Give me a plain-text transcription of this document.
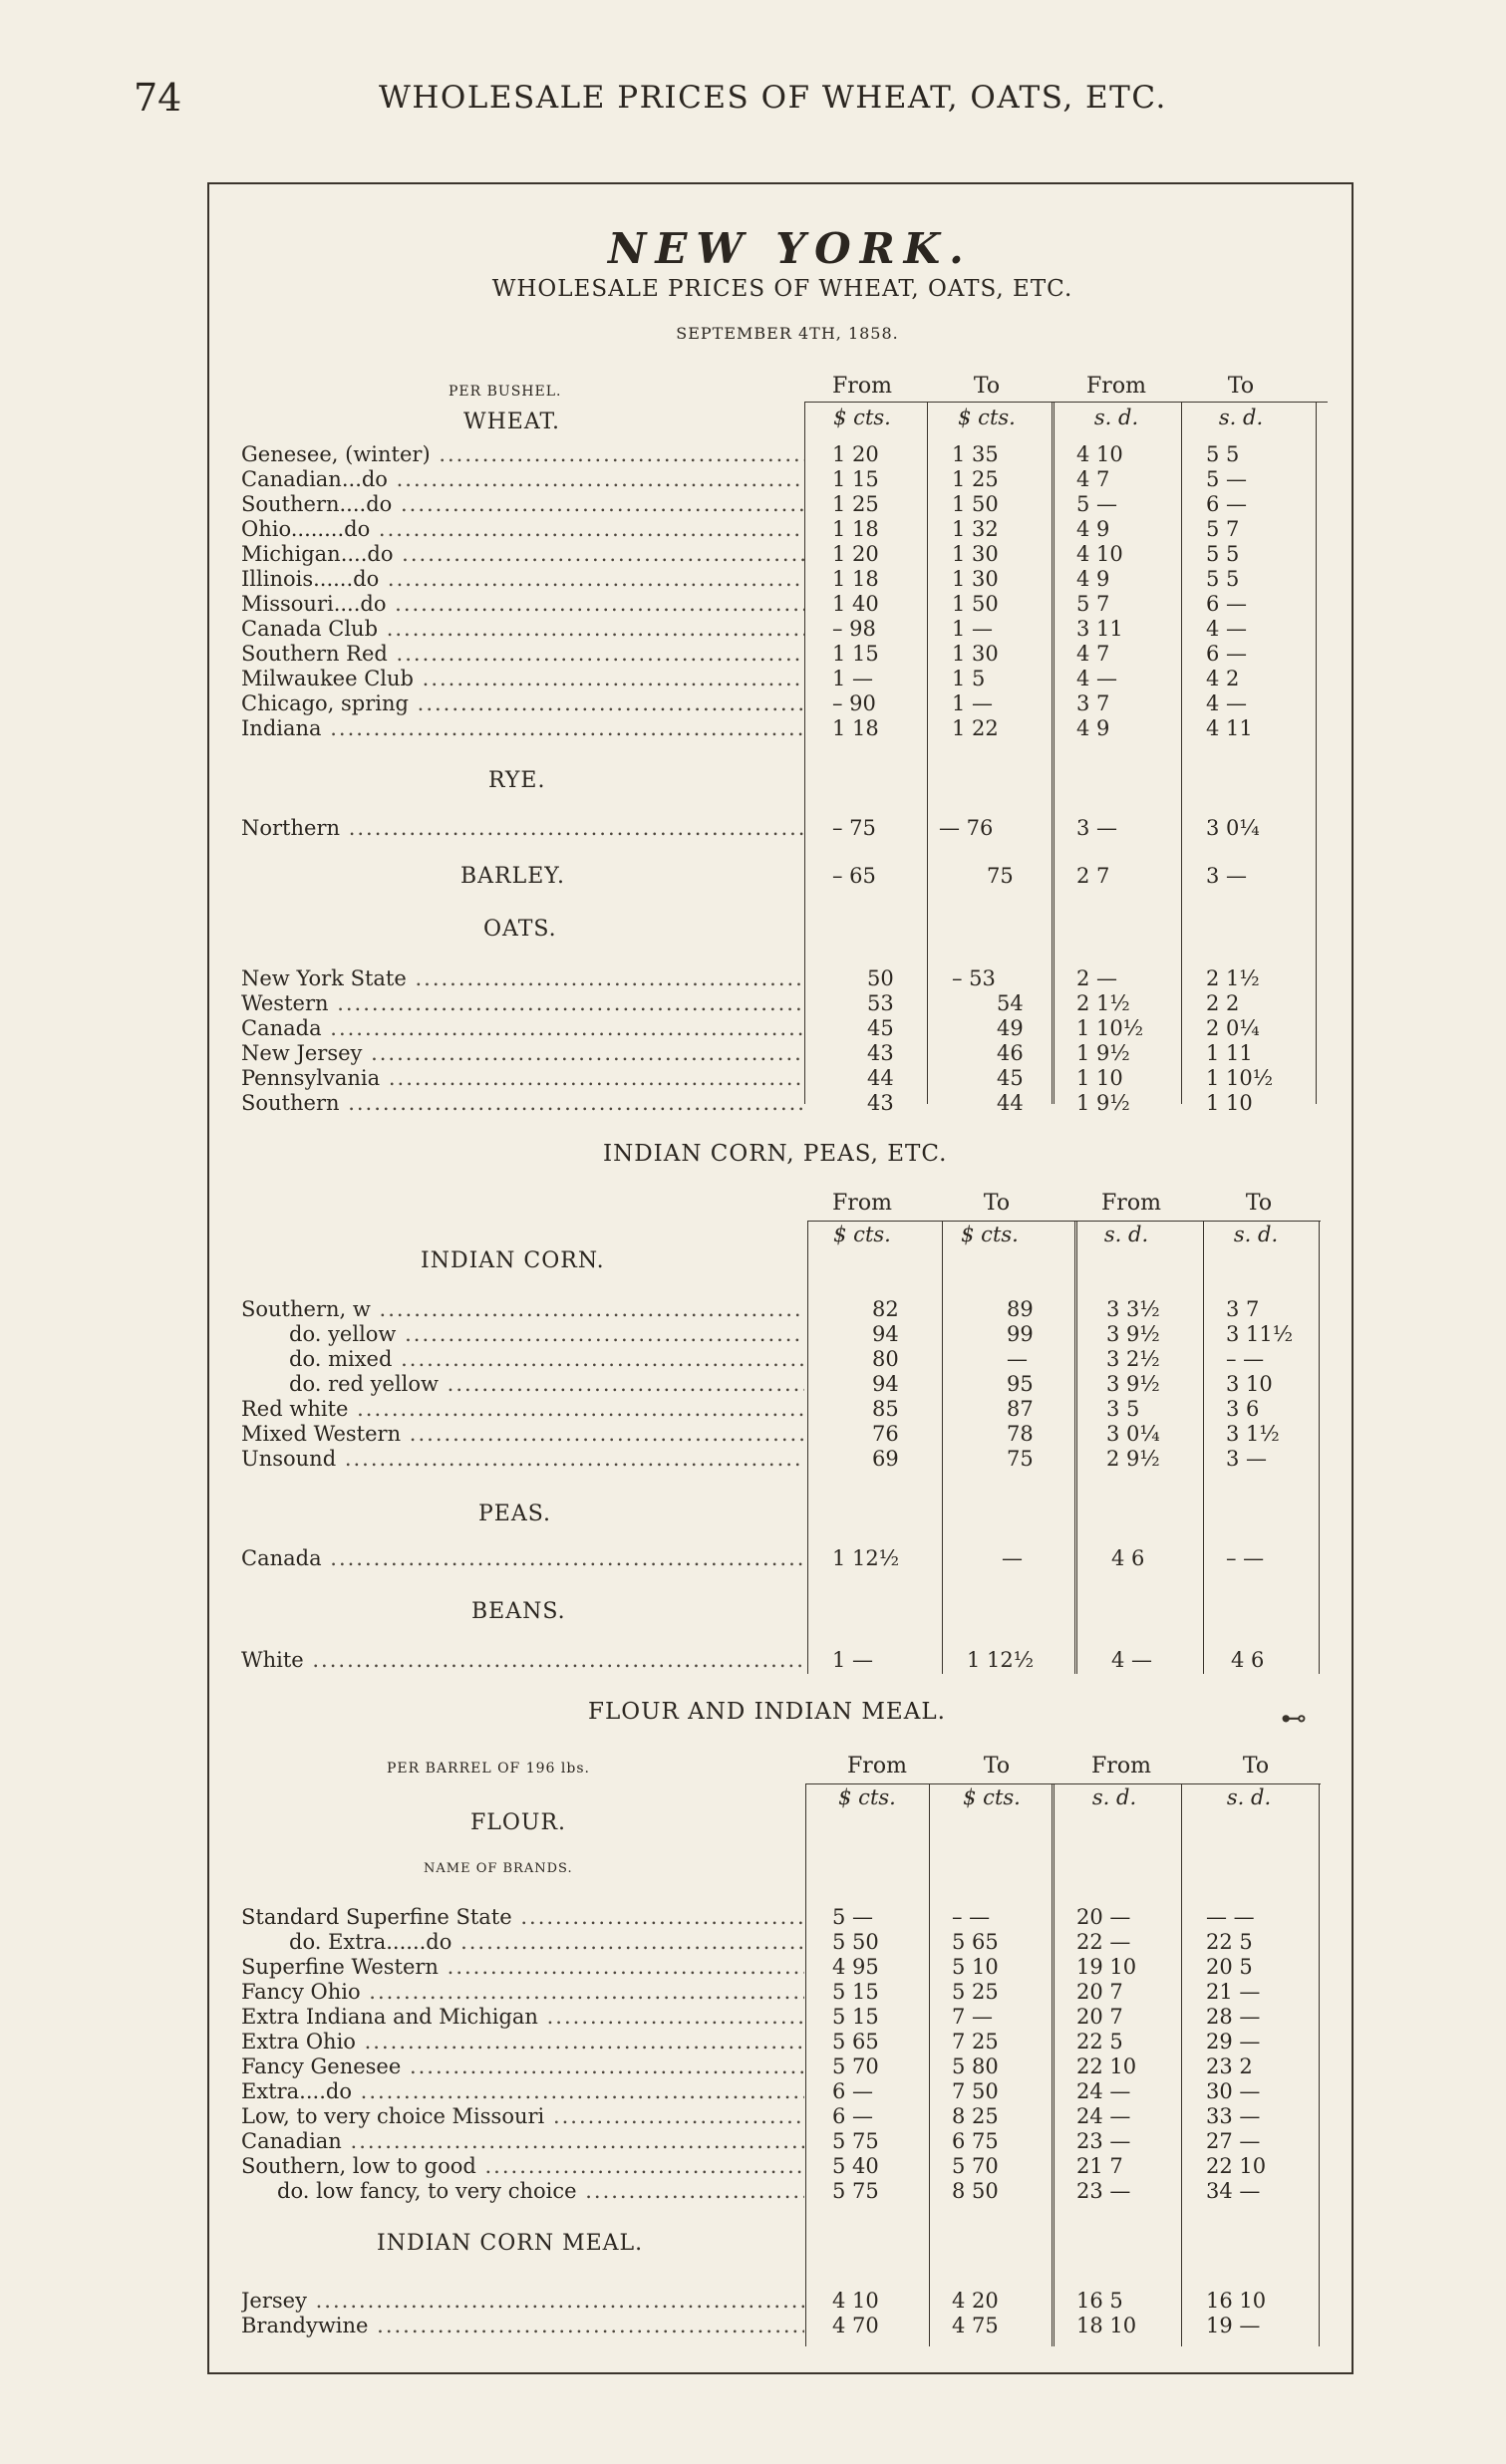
74	WHOLESALE PRICES OF WHEAT, OATS, ETC.
NEW YORK.
WHOLESALE PRICES OF WHEAT, OATS, ETC.
SEPTEMBER 4TH, 1858.
PER BUSHEL.	From	To	From	To
$ cts.	$ cts.	s. d.	s. d.
WHEAT.
Genesee, (winter) .....	1 20	1 35	4 10	5 5
Canadian...do .....	1 15	1 25	4 7	5 —
Southern....do .....	1 25	1 50	5 —	6 —
Ohio........do .....	1 18	1 32	4 9	5 7
Michigan....do .....	1 20	1 30	4 10	5 5
Illinois......do .....	1 18	1 30	4 9	5 5
Missouri....do .....	1 40	1 50	5 7	6 —
Canada Club .....	– 98	1 —	3 11	4 —
Southern Red .....	1 15	1 30	4 7	6 —
Milwaukee Club .....	1 —	1 5	4 —	4 2
Chicago, spring .....	– 90	1 —	3 7	4 —
Indiana .....	1 18	1 22	4 9	4 11
RYE.
Northern .....	– 75	— 76	3 —	3 0¼
BARLEY.	– 65	75	2 7	3 —
OATS.
New York State .....	50	– 53	2 —	2 1½
Western .....	53	54	2 1½	2 2
Canada .....	45	49	1 10½	2 0¼
New Jersey .....	43	46	1 9½	1 11
Pennsylvania .....	44	45	1 10	1 10½
Southern .....	43	44	1 9½	1 10
INDIAN CORN, PEAS, ETC.
From	To	From	To
$ cts.	$ cts.	s. d.	s. d.
INDIAN CORN.
Southern, w .....	82	89	3 3½	3 7
do. yellow .....	94	99	3 9½	3 11½
do. mixed .....	80	—	3 2½	– —
do. red yellow .....	94	95	3 9½	3 10
Red white .....	85	87	3 5	3 6
Mixed Western .....	76	78	3 0¼	3 1½
Unsound .....	69	75	2 9½	3 —
PEAS.
Canada .....	1 12½	—	4 6	– —
BEANS.
White .....	1 —	1 12½	4 —	4 6
FLOUR AND INDIAN MEAL.	⊷
PER BARREL OF 196 lbs.	From	To	From	To
$ cts.	$ cts.	s. d.	s. d.
FLOUR.
NAME OF BRANDS.
Standard Superfine State .....	5 —	– —	20 —	— —
do. Extra......do .....	5 50	5 65	22 —	22 5
Superfine Western .....	4 95	5 10	19 10	20 5
Fancy Ohio .....	5 15	5 25	20 7	21 —
Extra Indiana and Michigan .....	5 15	7 —	20 7	28 —
Extra Ohio .....	5 65	7 25	22 5	29 —
Fancy Genesee .....	5 70	5 80	22 10	23 2
Extra....do .....	6 —	7 50	24 —	30 —
Low, to very choice Missouri .....	6 —	8 25	24 —	33 —
Canadian .....	5 75	6 75	23 —	27 —
Southern, low to good .....	5 40	5 70	21 7	22 10
do. low fancy, to very choice .....	5 75	8 50	23 —	34 —
INDIAN CORN MEAL.
Jersey .....	4 10	4 20	16 5	16 10
Brandywine .....	4 70	4 75	18 10	19 —
